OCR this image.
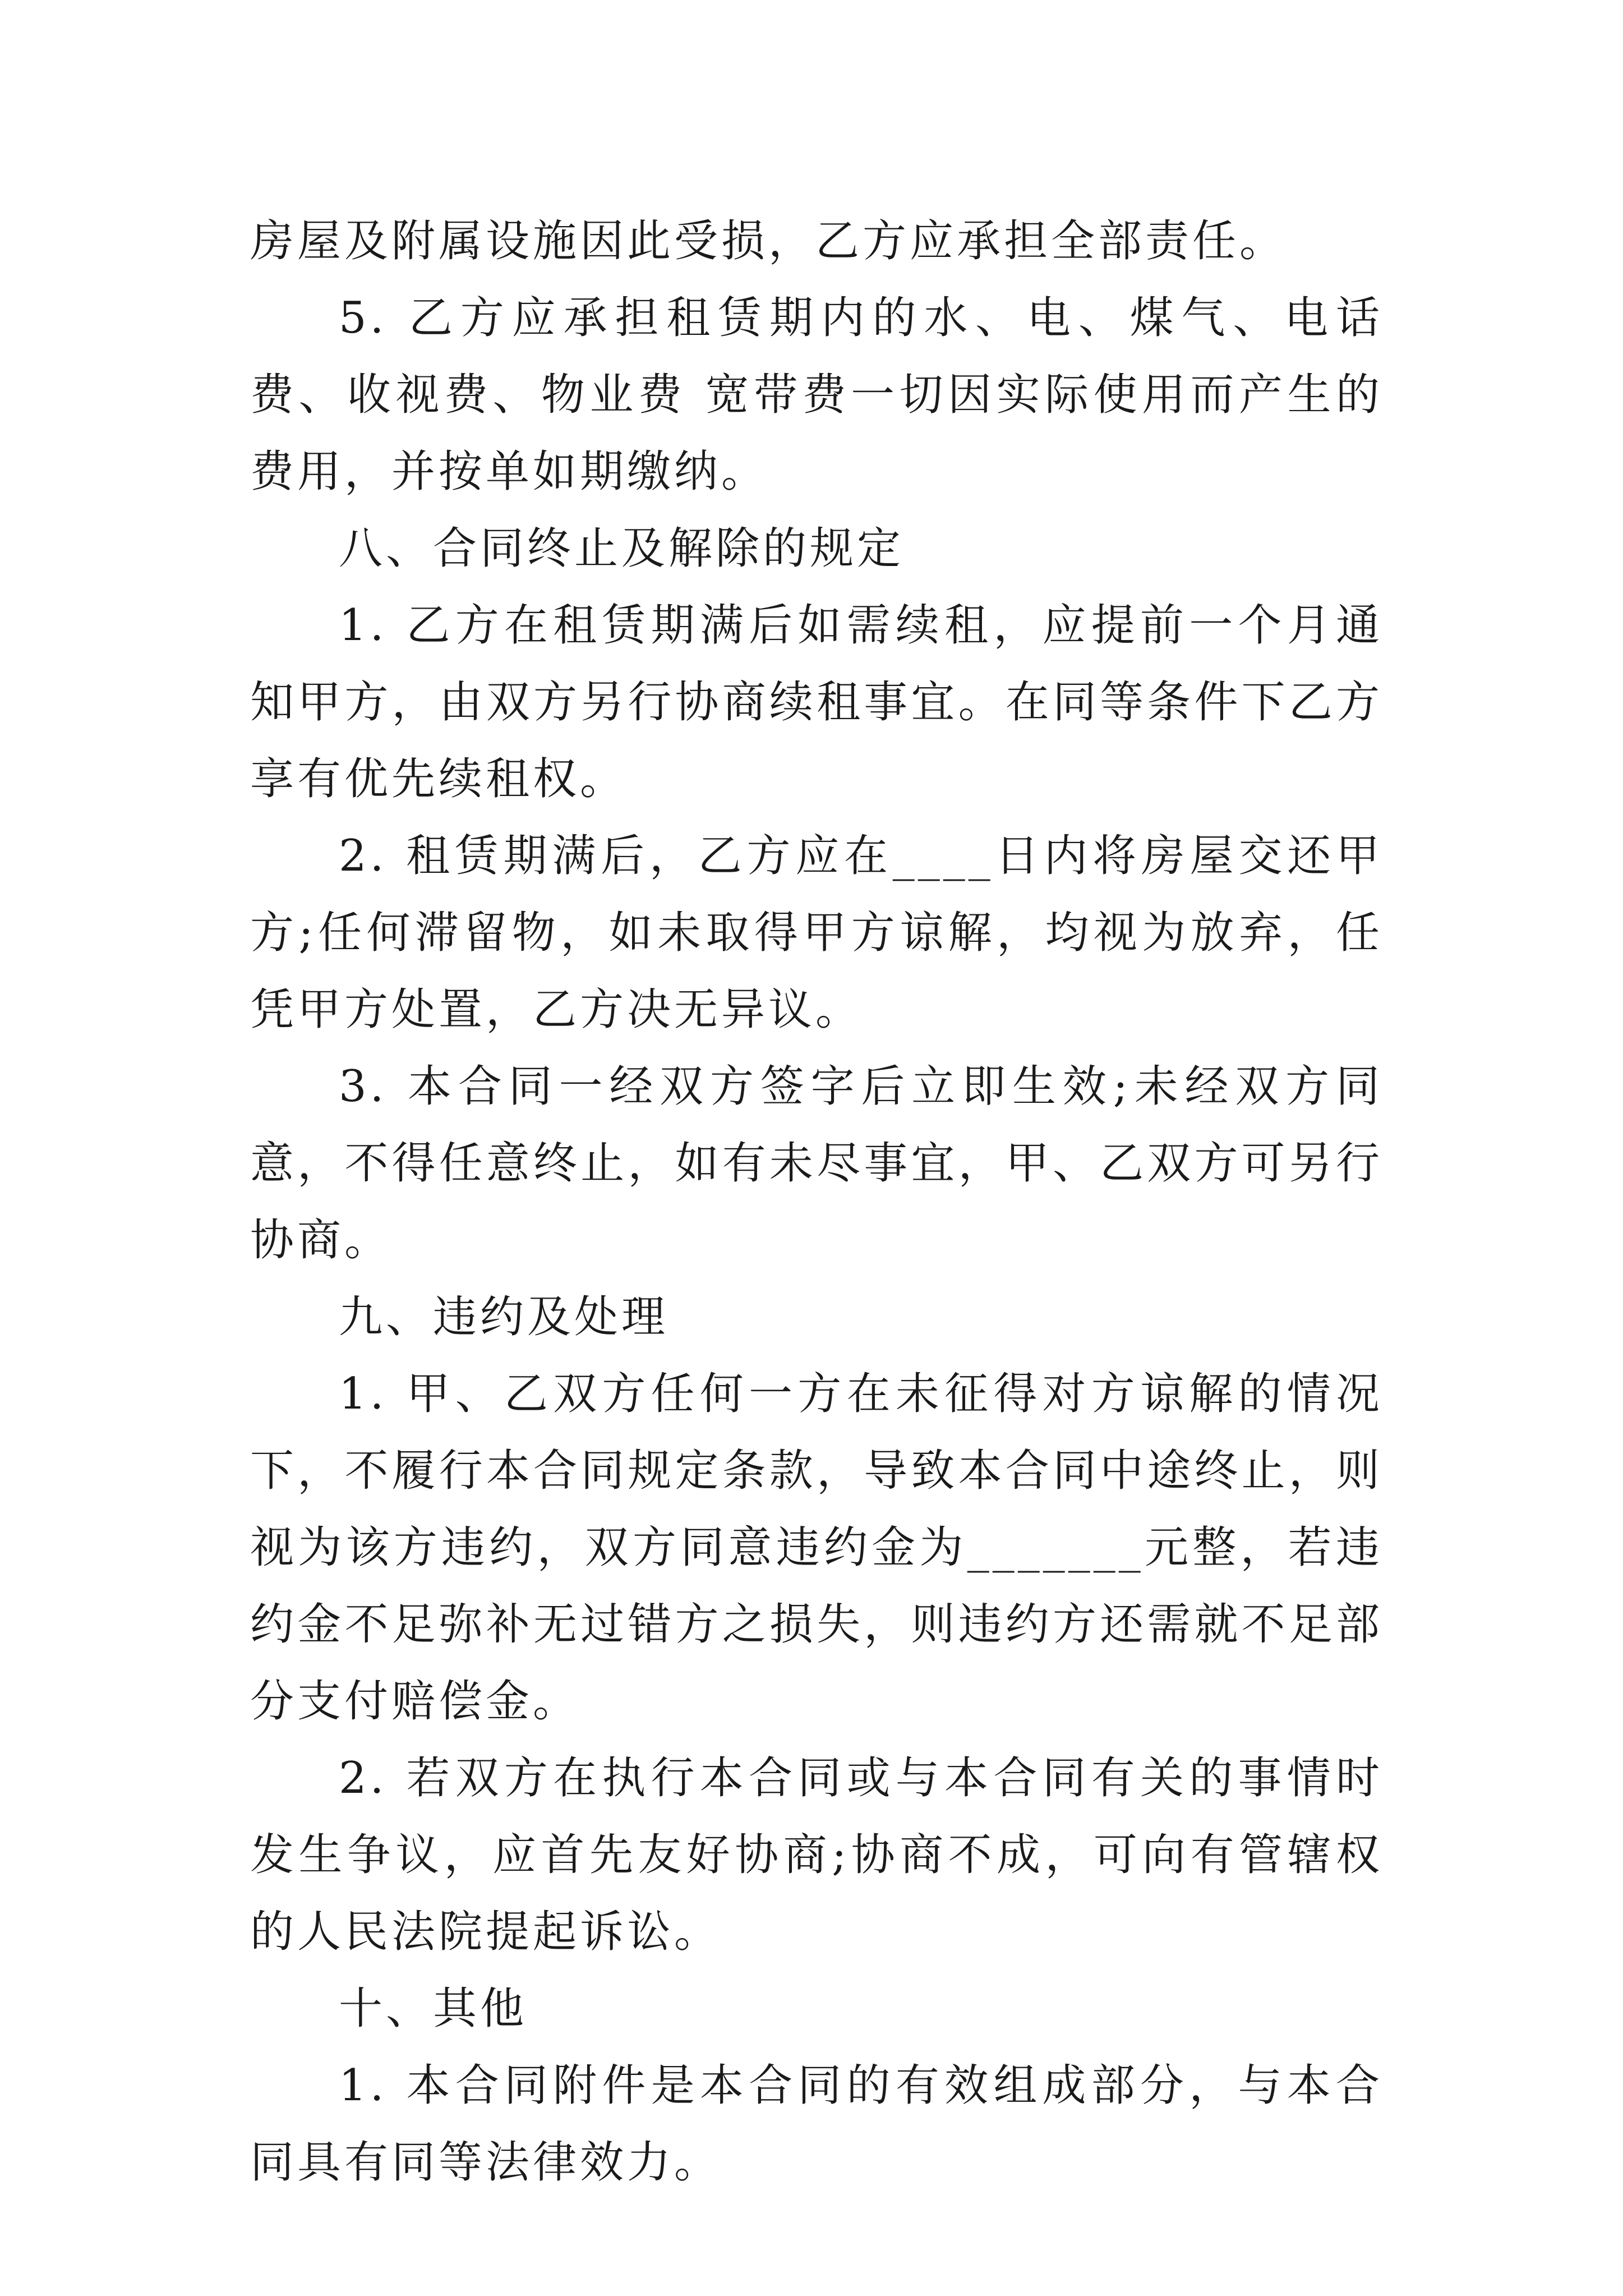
房屋及附属设施因此受损，乙方应承担全部责任。

5. 乙方应承担租赁期内的水、电、煤气、电话费、收视费、物业费 宽带费一切因实际使用而产生的费用，并按单如期缴纳。

八、合同终止及解除的规定

1. 乙方在租赁期满后如需续租，应提前一个月通知甲方，由双方另行协商续租事宜。在同等条件下乙方享有优先续租权。

2. 租赁期满后，乙方应在____日内将房屋交还甲方;任何滞留物，如未取得甲方谅解，均视为放弃，任凭甲方处置，乙方决无异议。

3. 本合同一经双方签字后立即生效;未经双方同意，不得任意终止，如有未尽事宜，甲、乙双方可另行协商。

九、违约及处理

1. 甲、乙双方任何一方在未征得对方谅解的情况下，不履行本合同规定条款，导致本合同中途终止，则视为该方违约，双方同意违约金为_______元整，若违约金不足弥补无过错方之损失，则违约方还需就不足部分支付赔偿金。

2. 若双方在执行本合同或与本合同有关的事情时发生争议，应首先友好协商;协商不成，可向有管辖权的人民法院提起诉讼。

十、其他

1. 本合同附件是本合同的有效组成部分，与本合同具有同等法律效力。
